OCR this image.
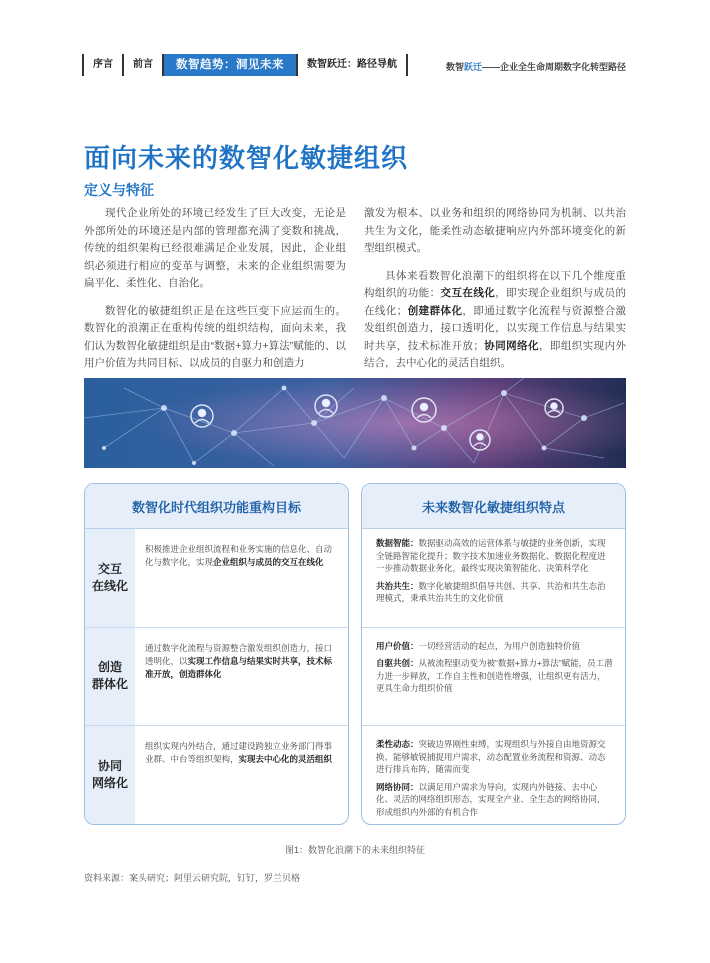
序言	前言	数智趋势：洞见未来	数智跃迁：路径导航	数智跃迁——企业全生命周期数字化转型路径
面向未来的数智化敏捷组织
定义与特征

现代企业所处的环境已经发生了巨大改变，无论是外部所处的环境还是内部的管理都充满了变数和挑战，传统的组织架构已经很难满足企业发展，因此，企业组织必须进行相应的变革与调整，未来的企业组织需要为扁平化、柔性化、自治化。

数智化的敏捷组织正是在这些巨变下应运而生的。数智化的浪潮正在重构传统的组织结构，面向未来，我们认为数智化敏捷组织是由“数据+算力+算法”赋能的、以用户价值为共同目标、以成员的自驱力和创造力

激发为根本、以业务和组织的网络协同为机制、以共治共生为文化，能柔性动态敏捷响应内外部环境变化的新型组织模式。

具体来看数智化浪潮下的组织将在以下几个维度重构组织的功能：交互在线化，即实现企业组织与成员的在线化；创建群体化，即通过数字化流程与资源整合激发组织创造力，接口透明化，以实现工作信息与结果实时共享，技术标准开放；协同网络化，即组织实现内外结合，去中心化的灵活自组织。

数智化时代组织功能重构目标
交互
在线化
积极推进企业组织流程和业务实施的信息化、自动化与数字化，实现企业组织与成员的交互在线化
创造
群体化
通过数字化流程与资源整合激发组织创造力，接口透明化，以实现工作信息与结果实时共享，技术标准开放，创造群体化
协同
网络化
组织实现内外结合，通过建设跨独立业务部门得事业群、中台等组织架构，实现去中心化的灵活组织
未来数智化敏捷组织特点

数据智能：数据驱动高效的运营体系与敏捷的业务创新，实现全链路智能化提升；数字技术加速业务数据化、数据化程度进一步推动数据业务化，最终实现决策智能化、决策科学化

共治共生：数字化敏捷组织倡导共创、共享、共治和共生态治理模式，秉承共治共生的文化价值

用户价值：一切经营活动的起点，为用户创造独特价值

自驱共创：从被流程驱动变为被“数据+算力+算法”赋能，员工潜力进一步释放，工作自主性和创造性增强，让组织更有活力，更具生命力组织价值

柔性动态：突破边界刚性束缚，实现组织与外接自由地资源交换、能够敏锐捕捉用户需求，动态配置业务流程和资源、动态进行排兵布阵，随需而变

网络协同：以满足用户需求为导向，实现内外链接、去中心化、灵活的网络组织形态，实现全产业、全生态的网络协同，形成组织内外部的有机合作

图1：数智化浪潮下的未来组织特征
资料来源：案头研究；阿里云研究院，钉钉，罗兰贝格
